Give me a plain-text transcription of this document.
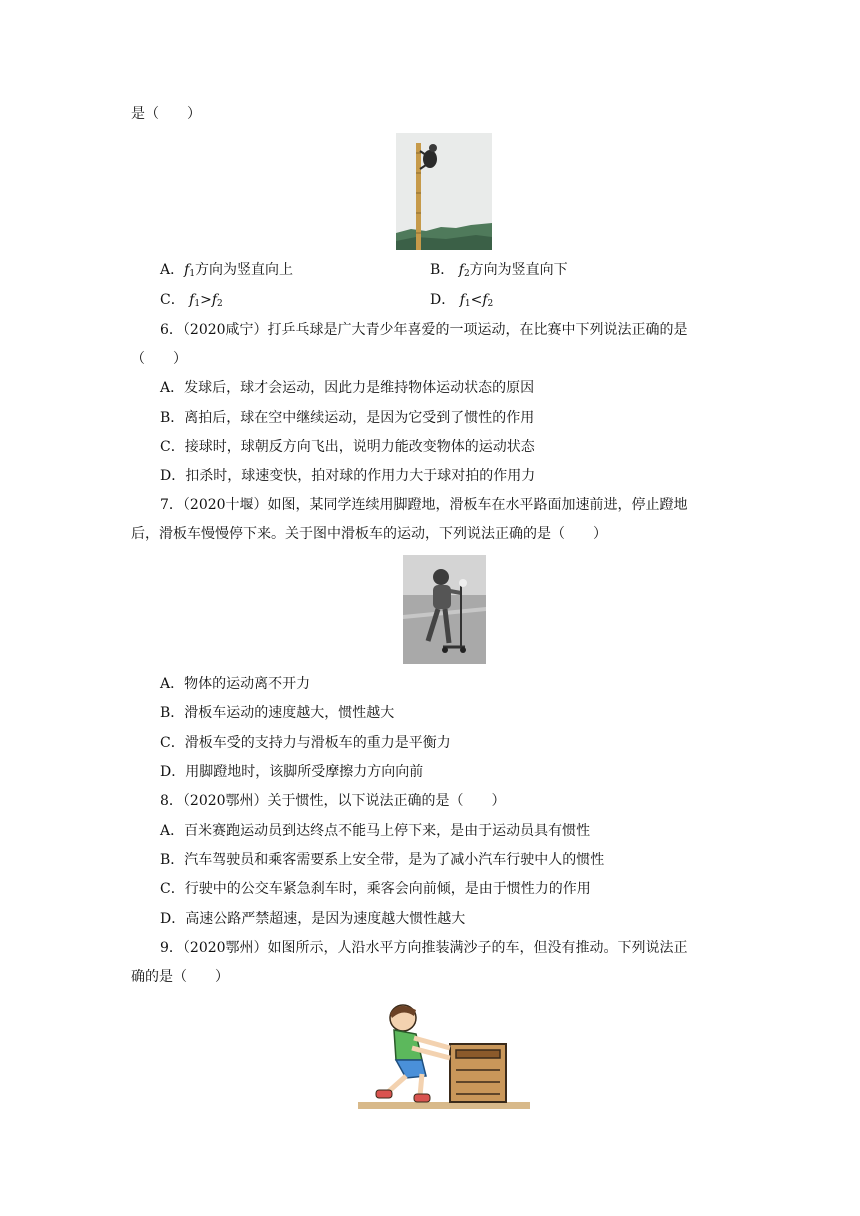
是（　　）
A．$f_1$方向为竖直向上	B． $f_2$方向为竖直向下
C． $f_1>f_2$	D． $f_1<f_2$
6．（2020咸宁）打乒乓球是广大青少年喜爱的一项运动，在比赛中下列说法正确的是
（　　）
A．发球后，球才会运动，因此力是维持物体运动状态的原因
B．离拍后，球在空中继续运动，是因为它受到了惯性的作用
C．接球时，球朝反方向飞出，说明力能改变物体的运动状态
D．扣杀时，球速变快，拍对球的作用力大于球对拍的作用力
7．（2020十堰）如图，某同学连续用脚蹬地，滑板车在水平路面加速前进，停止蹬地
后，滑板车慢慢停下来。关于图中滑板车的运动，下列说法正确的是（　　）
A．物体的运动离不开力
B．滑板车运动的速度越大，惯性越大
C．滑板车受的支持力与滑板车的重力是平衡力
D．用脚蹬地时，该脚所受摩擦力方向向前
8．（2020鄂州）关于惯性，以下说法正确的是（　　）
A．百米赛跑运动员到达终点不能马上停下来，是由于运动员具有惯性
B．汽车驾驶员和乘客需要系上安全带，是为了减小汽车行驶中人的惯性
C．行驶中的公交车紧急刹车时，乘客会向前倾，是由于惯性力的作用
D．高速公路严禁超速，是因为速度越大惯性越大
9．（2020鄂州）如图所示，人沿水平方向推装满沙子的车，但没有推动。下列说法正
确的是（　　）
